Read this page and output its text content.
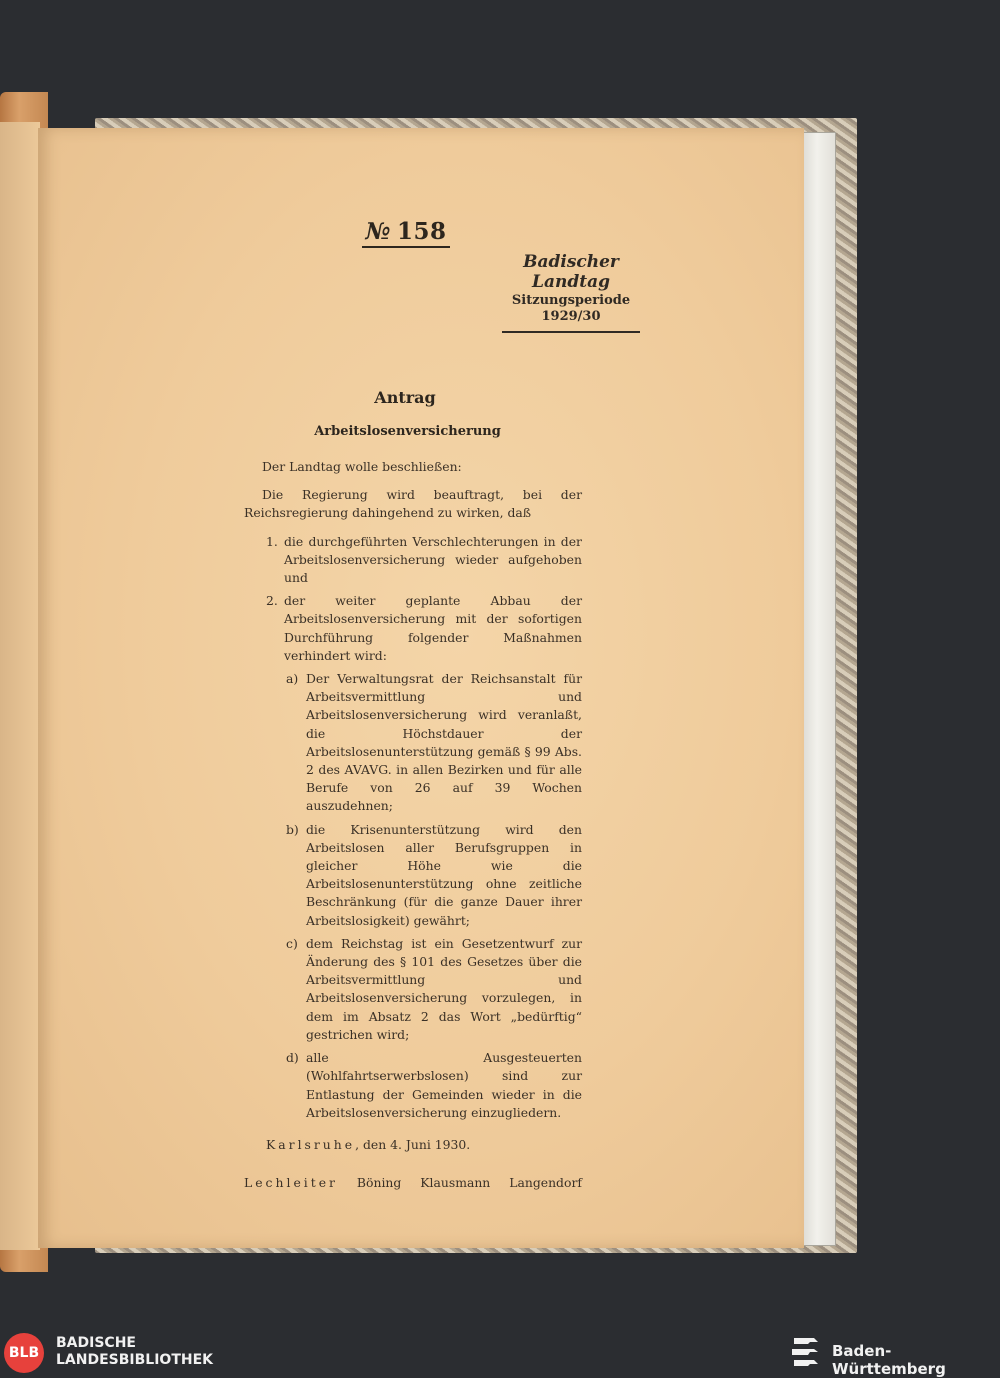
№ 158
Badischer Landtag
Sitzungsperiode
1929/30
Antrag
Arbeitslosenversicherung
Der Landtag wolle beschließen:
Die Regierung wird beauftragt, bei der Reichsregierung dahingehend zu wirken, daß
1. die durchgeführten Verschlechterungen in der Arbeitslosenversicherung wieder aufgehoben und
2. der weiter geplante Abbau der Arbeitslosenversicherung mit der sofortigen Durchführung folgender Maßnahmen verhindert wird:
a) Der Verwaltungsrat der Reichsanstalt für Arbeitsvermittlung und Arbeitslosenversicherung wird veranlaßt, die Höchstdauer der Arbeitslosenunterstützung gemäß § 99 Abs. 2 des AVAVG. in allen Bezirken und für alle Berufe von 26 auf 39 Wochen auszudehnen;
b) die Krisenunterstützung wird den Arbeitslosen aller Berufsgruppen in gleicher Höhe wie die Arbeitslosenunterstützung ohne zeitliche Beschränkung (für die ganze Dauer ihrer Arbeitslosigkeit) gewährt;
c) dem Reichstag ist ein Gesetzentwurf zur Änderung des § 101 des Gesetzes über die Arbeitsvermittlung und Arbeitslosenversicherung vorzulegen, in dem im Absatz 2 das Wort „bedürftig“ gestrichen wird;
d) alle Ausgesteuerten (Wohlfahrtserwerbslosen) sind zur Entlastung der Gemeinden wieder in die Arbeitslosenversicherung einzugliedern.
Karlsruhe, den 4. Juni 1930.
Lechleiter Böning Klausmann Langendorf
BLB
BADISCHE
LANDESBIBLIOTHEK	Baden-Württemberg
